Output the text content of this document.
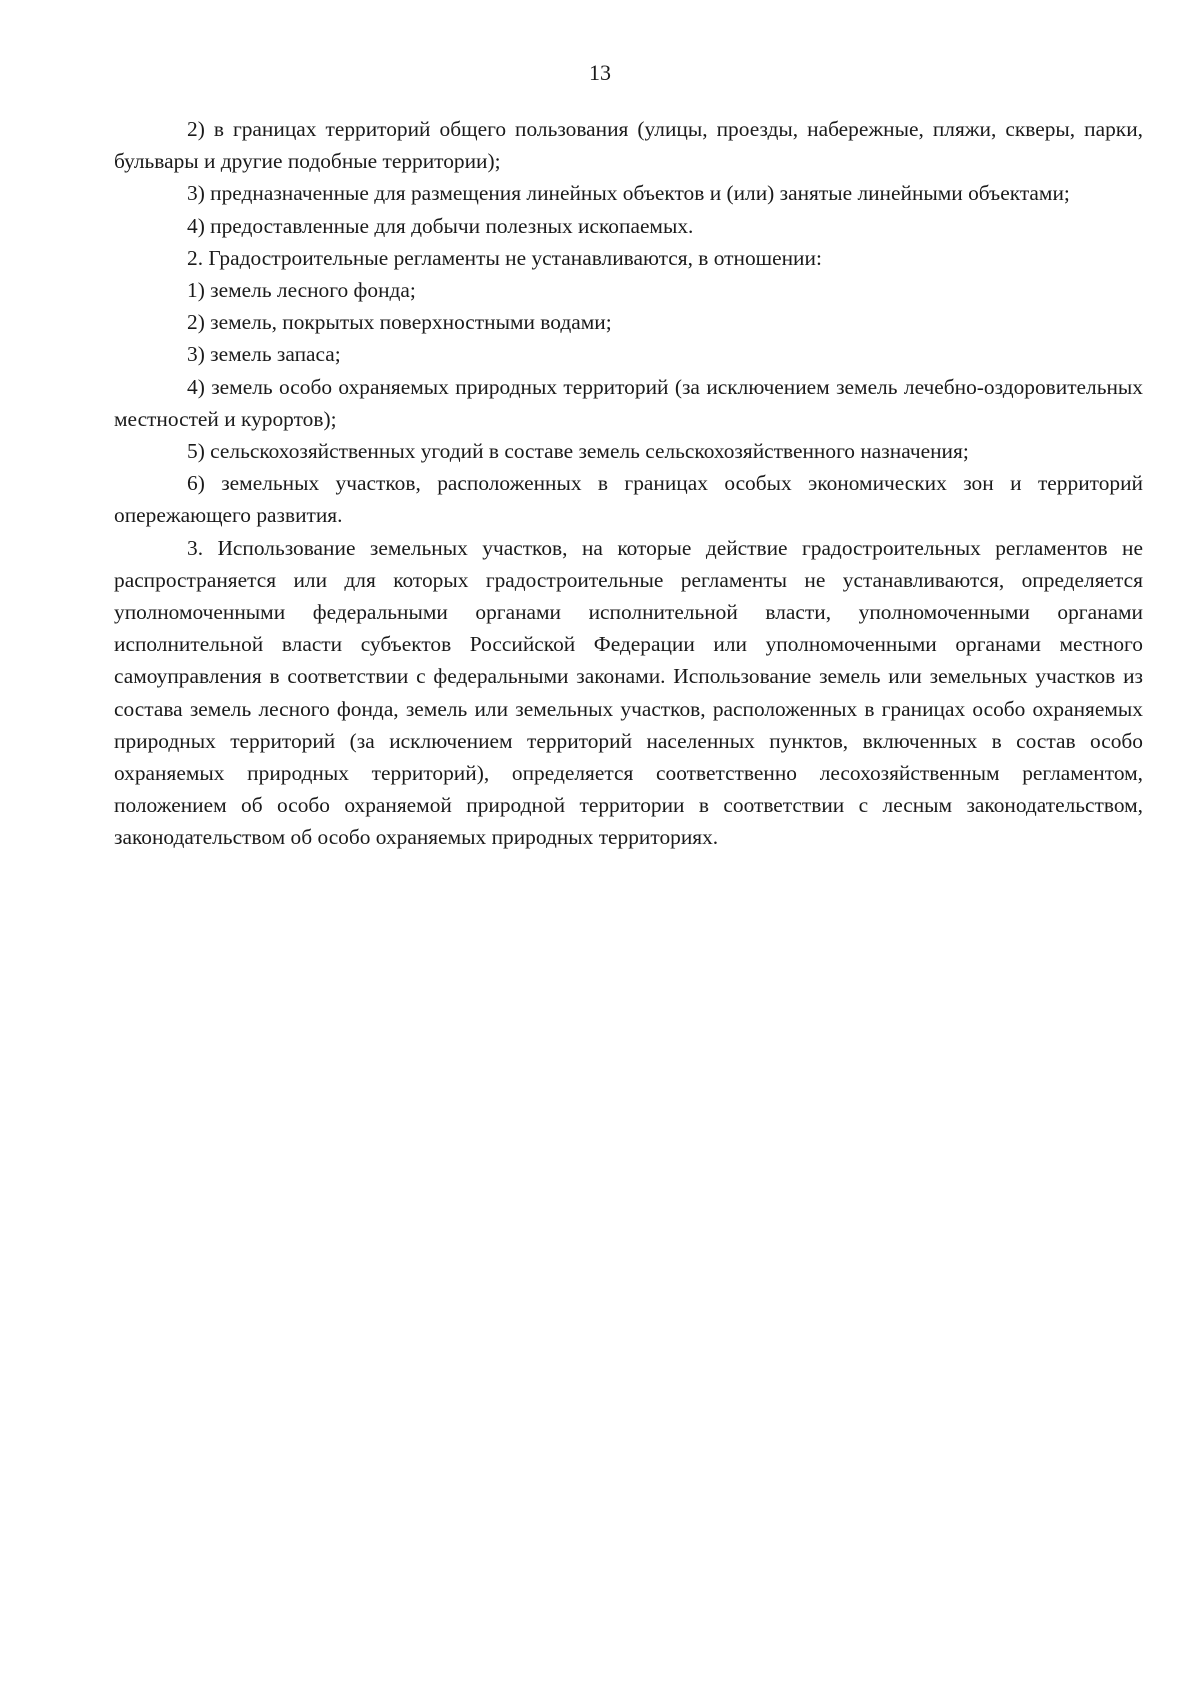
13

2) в границах территорий общего пользования (улицы, проезды, набережные, пляжи, скверы, парки, бульвары и другие подобные территории);

3) предназначенные для размещения линейных объектов и (или) занятые линейными объектами;

4) предоставленные для добычи полезных ископаемых.

2. Градостроительные регламенты не устанавливаются, в отношении:

1) земель лесного фонда;

2) земель, покрытых поверхностными водами;

3) земель запаса;

4) земель особо охраняемых природных территорий (за исключением земель лечебно-оздоровительных местностей и курортов);

5) сельскохозяйственных угодий в составе земель сельскохозяйственного назначения;

6) земельных участков, расположенных в границах особых экономических зон и территорий опережающего развития.

3. Использование земельных участков, на которые действие градостроительных регламентов не распространяется или для которых градостроительные регламенты не устанавливаются, определяется уполномоченными федеральными органами исполнительной власти, уполномоченными органами исполнительной власти субъектов Российской Федерации или уполномоченными органами местного самоуправления в соответствии с федеральными законами. Использование земель или земельных участков из состава земель лесного фонда, земель или земельных участков, расположенных в границах особо охраняемых природных территорий (за исключением территорий населенных пунктов, включенных в состав особо охраняемых природных территорий), определяется соответственно лесохозяйственным регламентом, положением об особо охраняемой природной территории в соответствии с лесным законодательством, законодательством об особо охраняемых природных территориях.
